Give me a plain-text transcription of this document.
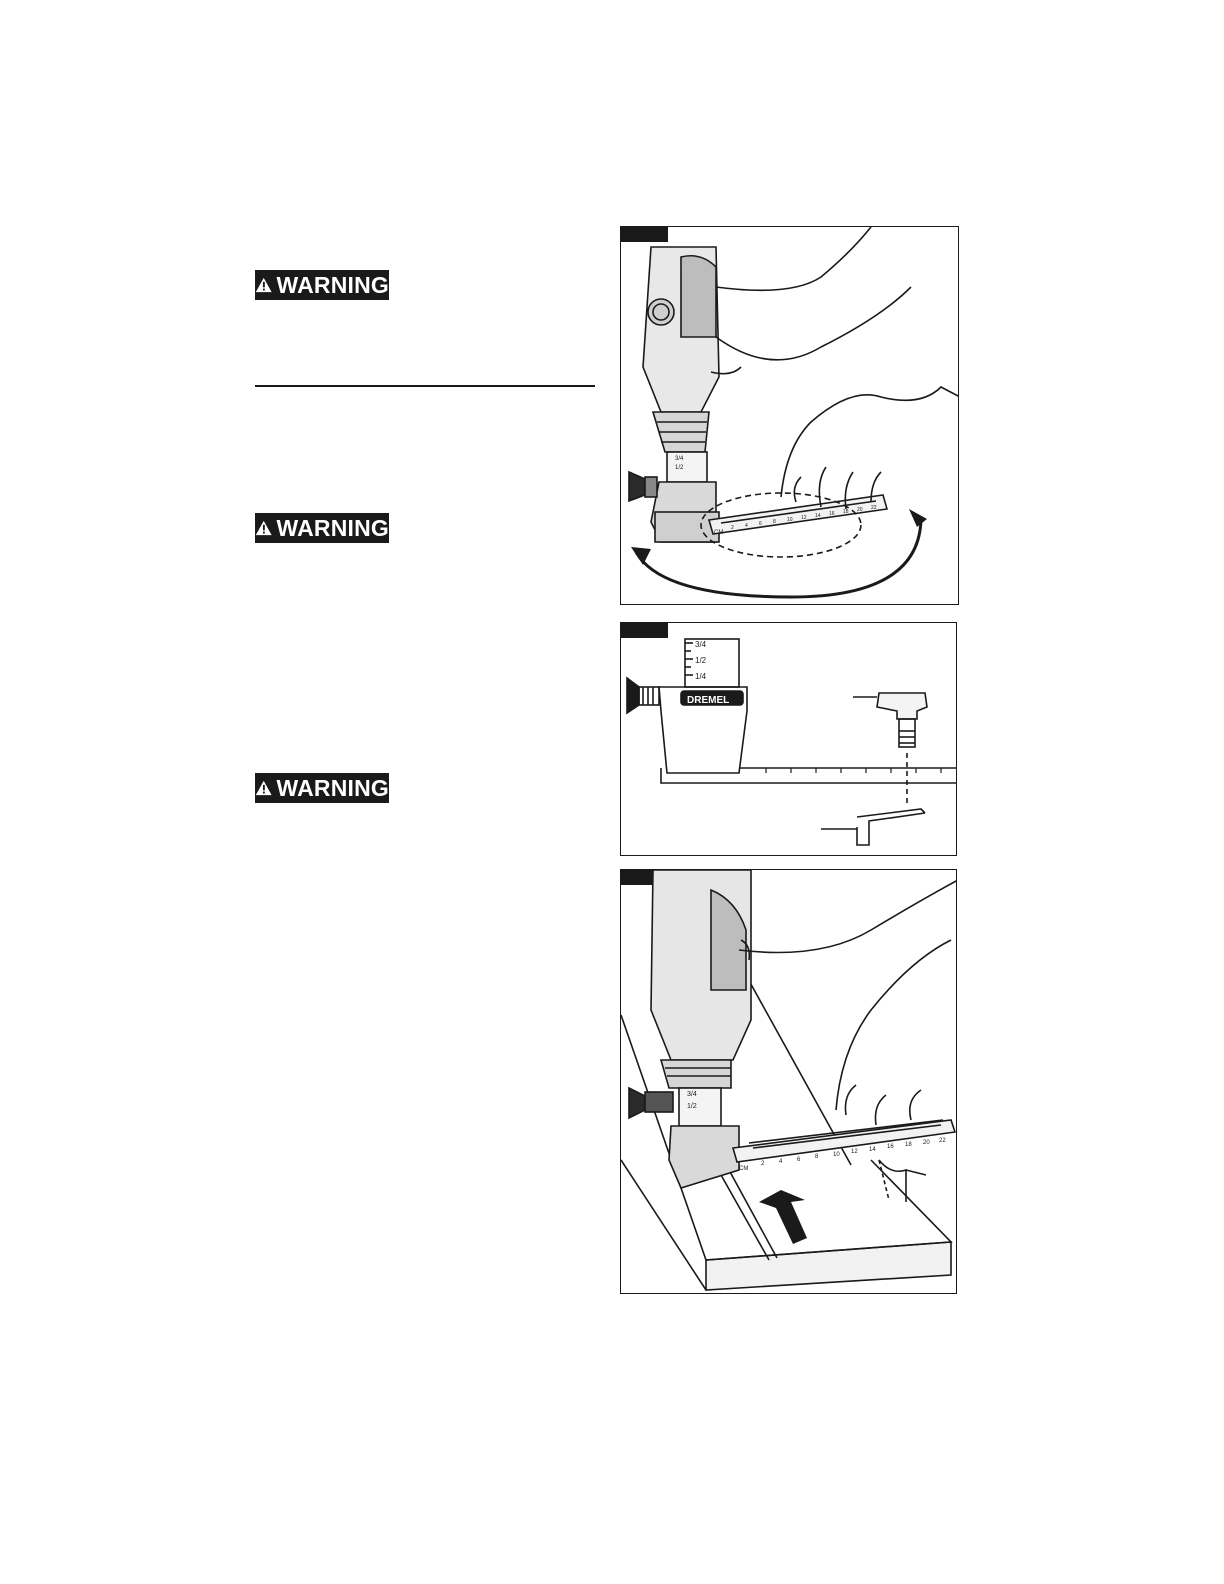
WARNING
WARNING
WARNING
CM
2 4 6 8 10 12 14 16 18 20 22
3/4
1/2
DREMEL
3/4
1/2
1/4
CM
2 4 6 8 10 12 14 16 18 20 22
3/4
1/2
